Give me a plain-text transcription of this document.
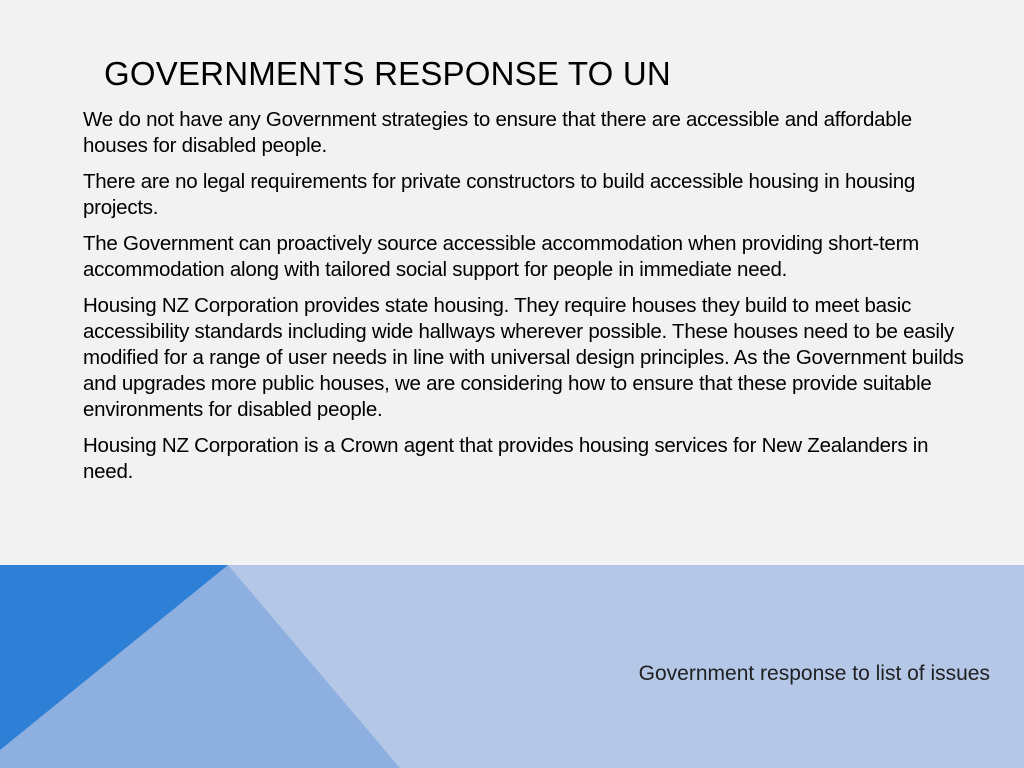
GOVERNMENTS RESPONSE TO UN

We do not have any Government strategies to ensure that there are accessible and affordable houses for disabled people.

There are no legal requirements for private constructors to build accessible housing in housing projects.

The Government can proactively source accessible accommodation when providing short-term accommodation along with tailored social support for people in immediate need.

Housing NZ Corporation provides state housing. They require houses they build to meet basic accessibility standards including wide hallways wherever possible. These houses need to be easily modified for a range of user needs in line with universal design principles. As the Government builds and upgrades more public houses, we are considering how to ensure that these provide suitable environments for disabled people.

Housing NZ Corporation is a Crown agent that provides housing services for New Zealanders in need.

Government response to list of issues
